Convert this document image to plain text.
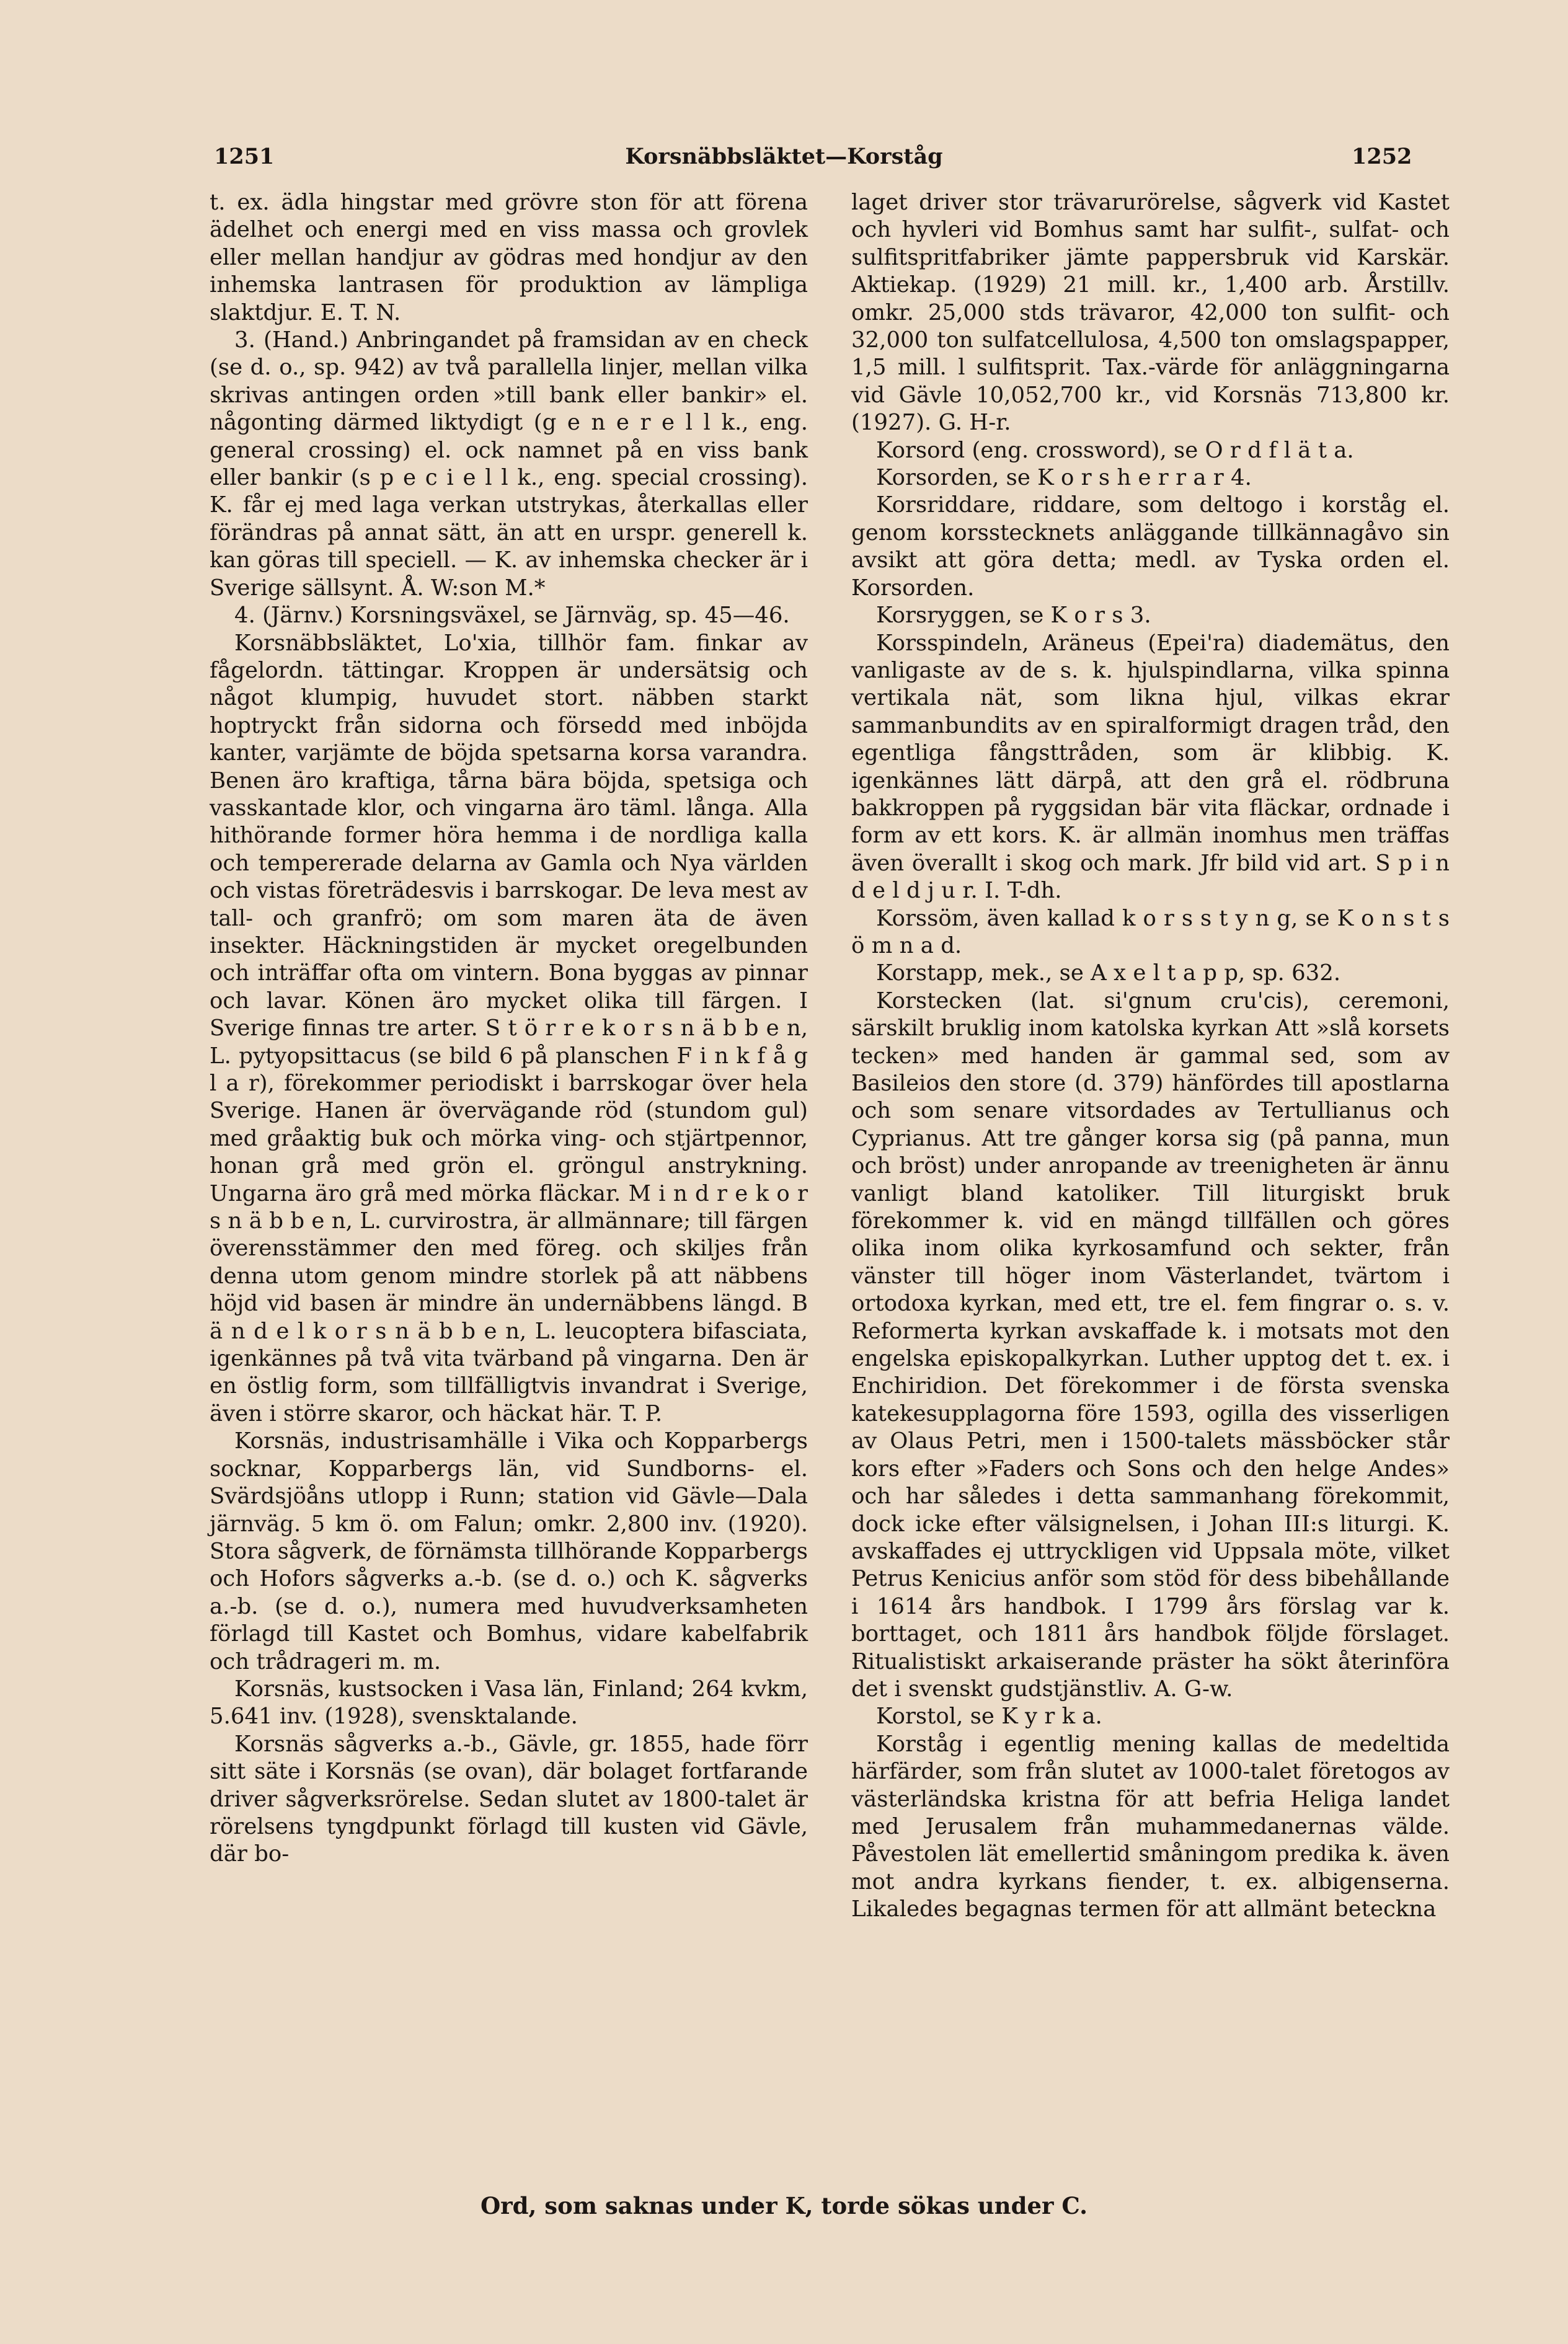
1251	Korsnäbbsläktet—Korståg	1252

t. ex. ädla hingstar med grövre ston för att förena ädelhet och energi med en viss massa och grovlek eller mellan handjur av gödras med hondjur av den inhemska lantrasen för produktion av lämpliga slaktdjur. E. T. N.

3. (Hand.) Anbringandet på framsidan av en check (se d. o., sp. 942) av två parallella linjer, mellan vilka skrivas antingen orden »till bank eller bankir» el. någonting därmed liktydigt (g e n e r e l l k., eng. general crossing) el. ock namnet på en viss bank eller bankir (s p e c i e l l k., eng. special crossing). K. får ej med laga verkan utstrykas, återkallas eller förändras på annat sätt, än att en urspr. generell k. kan göras till speciell. — K. av inhemska checker är i Sverige sällsynt. Å. W:son M.*

4. (Järnv.) Korsningsväxel, se Järnväg, sp. 45—46.

Korsnäbbsläktet, Lo'xia, tillhör fam. finkar av fågelordn. tättingar. Kroppen är undersätsig och något klumpig, huvudet stort. näbben starkt hoptryckt från sidorna och försedd med inböjda kanter, varjämte de böjda spetsarna korsa varandra. Benen äro kraftiga, tårna bära böjda, spetsiga och vasskantade klor, och vingarna äro täml. långa. Alla hithörande former höra hemma i de nordliga kalla och tempererade delarna av Gamla och Nya världen och vistas företrädesvis i barrskogar. De leva mest av tall- och granfrö; om som maren äta de även insekter. Häckningstiden är mycket oregelbunden och inträffar ofta om vintern. Bona byggas av pinnar och lavar. Könen äro mycket olika till färgen. I Sverige finnas tre arter. S t ö r r e k o r s n ä b b e n, L. pytyopsittacus (se bild 6 på planschen F i n k f å g l a r), förekommer periodiskt i barrskogar över hela Sverige. Hanen är övervägande röd (stundom gul) med gråaktig buk och mörka ving- och stjärtpennor, honan grå med grön el. gröngul anstrykning. Ungarna äro grå med mörka fläckar. M i n d r e k o r s n ä b b e n, L. curvirostra, är allmännare; till färgen överensstämmer den med föreg. och skiljes från denna utom genom mindre storlek på att näbbens höjd vid basen är mindre än undernäbbens längd. B ä n d e l k o r s n ä b b e n, L. leucoptera bifasciata, igenkännes på två vita tvärband på vingarna. Den är en östlig form, som tillfälligtvis invandrat i Sverige, även i större skaror, och häckat här. T. P.

Korsnäs, industrisamhälle i Vika och Kopparbergs socknar, Kopparbergs län, vid Sundborns- el. Svärdsjöåns utlopp i Runn; station vid Gävle—Dala järnväg. 5 km ö. om Falun; omkr. 2,800 inv. (1920). Stora sågverk, de förnämsta tillhörande Kopparbergs och Hofors sågverks a.-b. (se d. o.) och K. sågverks a.-b. (se d. o.), numera med huvudverksamheten förlagd till Kastet och Bomhus, vidare kabelfabrik och trådragerі m. m.

Korsnäs, kustsocken i Vasa län, Finland; 264 kvkm, 5.641 inv. (1928), svensktalande.

Korsnäs sågverks a.-b., Gävle, gr. 1855, hade förr sitt säte i Korsnäs (se ovan), där bolaget fortfarande driver sågverksrörelse. Sedan slutet av 1800-talet är rörelsens tyngdpunkt förlagd till kusten vid Gävle, där bo-

laget driver stor trävarurörelse, sågverk vid Kastet och hyvleri vid Bomhus samt har sulfit-, sulfat- och sulfitspritfabriker jämte pappersbruk vid Karskär. Aktiekap. (1929) 21 mill. kr., 1,400 arb. Årstillv. omkr. 25,000 stds trävaror, 42,000 ton sulfit- och 32,000 ton sulfatcellulosa, 4,500 ton omslagspapper, 1,5 mill. l sulfitsprit. Tax.-värde för anläggningarna vid Gävle 10,052,700 kr., vid Korsnäs 713,800 kr. (1927). G. H-r.

Korsord (eng. crossword), se O r d f l ä t a.

Korsorden, se K o r s h e r r a r 4.

Korsriddare, riddare, som deltogo i korståg el. genom korsstecknets anläggande tillkännagåvo sin avsikt att göra detta; medl. av Tyska orden el. Korsorden.

Korsryggen, se K o r s 3.

Korsspindeln, Aräneus (Epei'ra) diademätus, den vanligaste av de s. k. hjulspindlarna, vilka spinna vertikala nät, som likna hjul, vilkas ekrar sammanbundits av en spiralformigt dragen tråd, den egentliga fångsttråden, som är klibbig. K. igenkännes lätt därpå, att den grå el. rödbruna bakkroppen på ryggsidan bär vita fläckar, ordnade i form av ett kors. K. är allmän inomhus men träffas även överallt i skog och mark. Jfr bild vid art. S p i n d e l d j u r. I. T-dh.

Korssöm, även kallad k o r s s t y n g, se K o n s t s ö m n a d.

Korstapp, mek., se A x e l t a p p, sp. 632.

Korstecken (lat. si'gnum cru'cis), ceremoni, särskilt bruklig inom katolska kyrkan Att »slå korsets tecken» med handen är gammal sed, som av Basileios den store (d. 379) hänfördes till apostlarna och som senare vitsordades av Tertullianus och Cyprianus. Att tre gånger korsa sig (på panna, mun och bröst) under anropande av treenigheten är ännu vanligt bland katoliker. Till liturgiskt bruk förekommer k. vid en mängd tillfällen och göres olika inom olika kyrkosamfund och sekter, från vänster till höger inom Västerlandet, tvärtom i ortodoxa kyrkan, med ett, tre el. fem fingrar o. s. v. Reformerta kyrkan avskaffade k. i motsats mot den engelska episkopalkyrkan. Luther upptog det t. ex. i Enchiridion. Det förekommer i de första svenska katekesupplagorna före 1593, ogilla des visserligen av Olaus Petri, men i 1500-talets mässböcker står kors efter »Faders och Sons och den helge Andes» och har således i detta sammanhang förekommit, dock icke efter välsignelsen, i Johan III:s liturgi. K. avskaffades ej uttryckligen vid Uppsala möte, vilket Petrus Kenicius anför som stöd för dess bibehållande i 1614 års handbok. I 1799 års förslag var k. borttaget, och 1811 års handbok följde förslaget. Ritualistiskt arkaiserande präster ha sökt återinföra det i svenskt gudstjänstliv. A. G-w.

Korstol, se K y r k a.

Korståg i egentlig mening kallas de medeltida härfärder, som från slutet av 1000-talet företogos av västerländska kristna för att befria Heliga landet med Jerusalem från muhammedanernas välde. Påvestolen lät emellertid småningom predika k. även mot andra kyrkans fiender, t. ex. albigenserna. Likaledes begagnas termen för att allmänt beteckna

Ord, som saknas under K, torde sökas under C.
